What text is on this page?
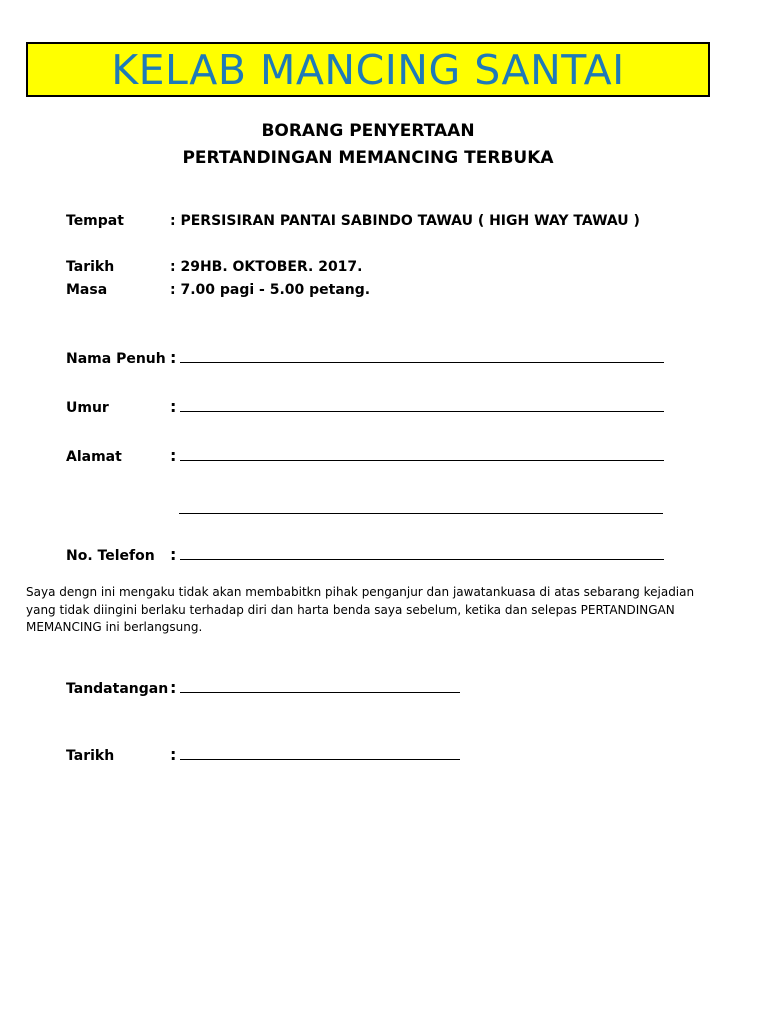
KELAB MANCING SANTAI
BORANG PENYERTAAN
PERTANDINGAN MEMANCING TERBUKA
Tempat	: PERSISIRAN PANTAI SABINDO TAWAU ( HIGH WAY TAWAU )
Tarikh	: 29HB. OKTOBER. 2017.
Masa	: 7.00 pagi - 5.00 petang.
Nama Penuh :
Umur	:
Alamat	:
No. Telefon :
Saya dengn ini mengaku tidak akan membabitkn pihak penganjur dan jawatankuasa di atas sebarang kejadian yang tidak diingini berlaku terhadap diri dan harta benda saya sebelum, ketika dan selepas PERTANDINGAN MEMANCING ini berlangsung.
Tandatangan :
Tarikh	:
